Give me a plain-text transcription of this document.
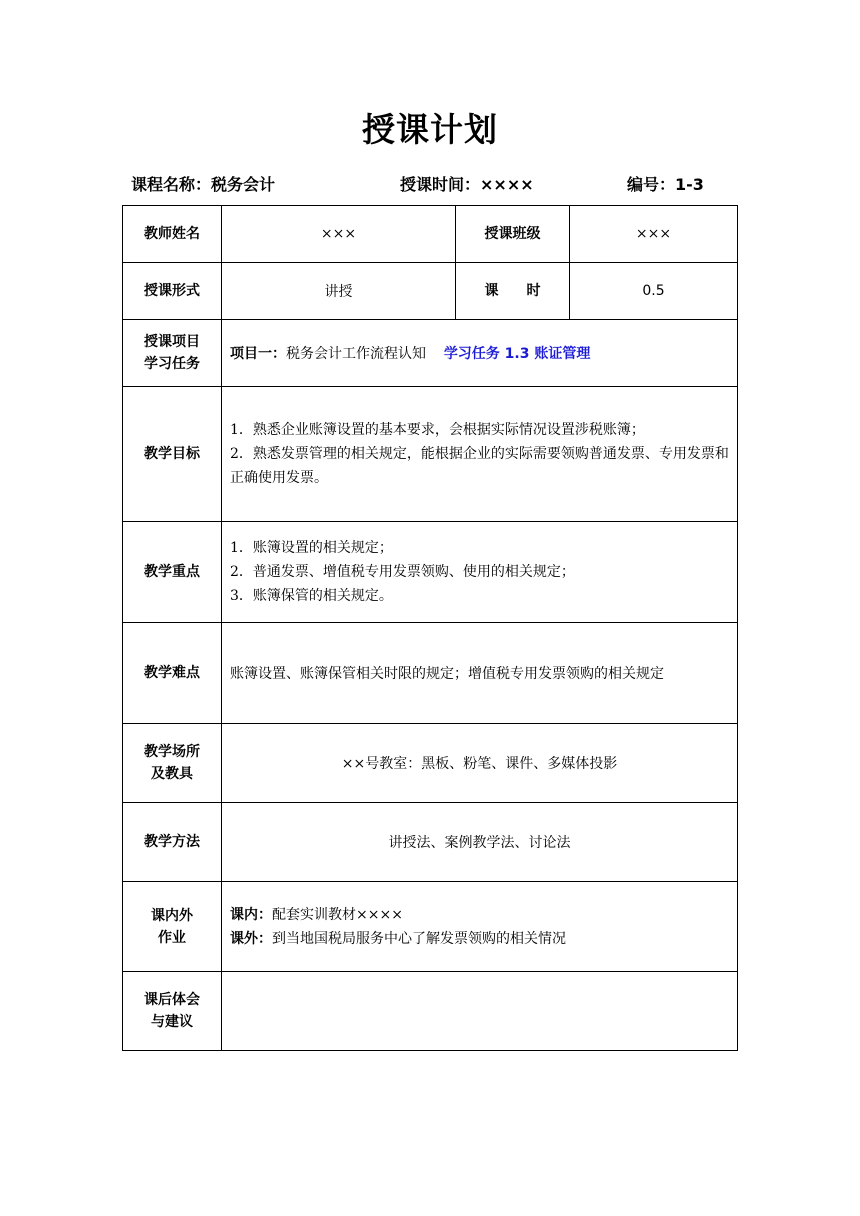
授课计划
课程名称：税务会计	授课时间：××××	编号：1-3
教师姓名	×××	授课班级	×××
授课形式	讲授	课　　时	0.5

授课项目
学习任务	项目一：税务会计工作流程认知 学习任务 1.3 账证管理		
教学目标	1．熟悉企业账簿设置的基本要求，会根据实际情况设置涉税账簿；
2．熟悉发票管理的相关规定，能根据企业的实际需要领购普通发票、专用发票和正确使用发票。		

教学重点	1．账簿设置的相关规定；
2．普通发票、增值税专用发票领购、使用的相关规定；
3．账簿保管的相关规定。		

教学难点	账簿设置、账簿保管相关时限的规定；增值税专用发票领购的相关规定		

教学场所
及教具	××号教室：黑板、粉笔、课件、多媒体投影		
教学方法	讲授法、案例教学法、讨论法		

课内外
作业	课内：配套实训教材××××
课外：到当地国税局服务中心了解发票领购的相关情况		

课后体会
与建议			
